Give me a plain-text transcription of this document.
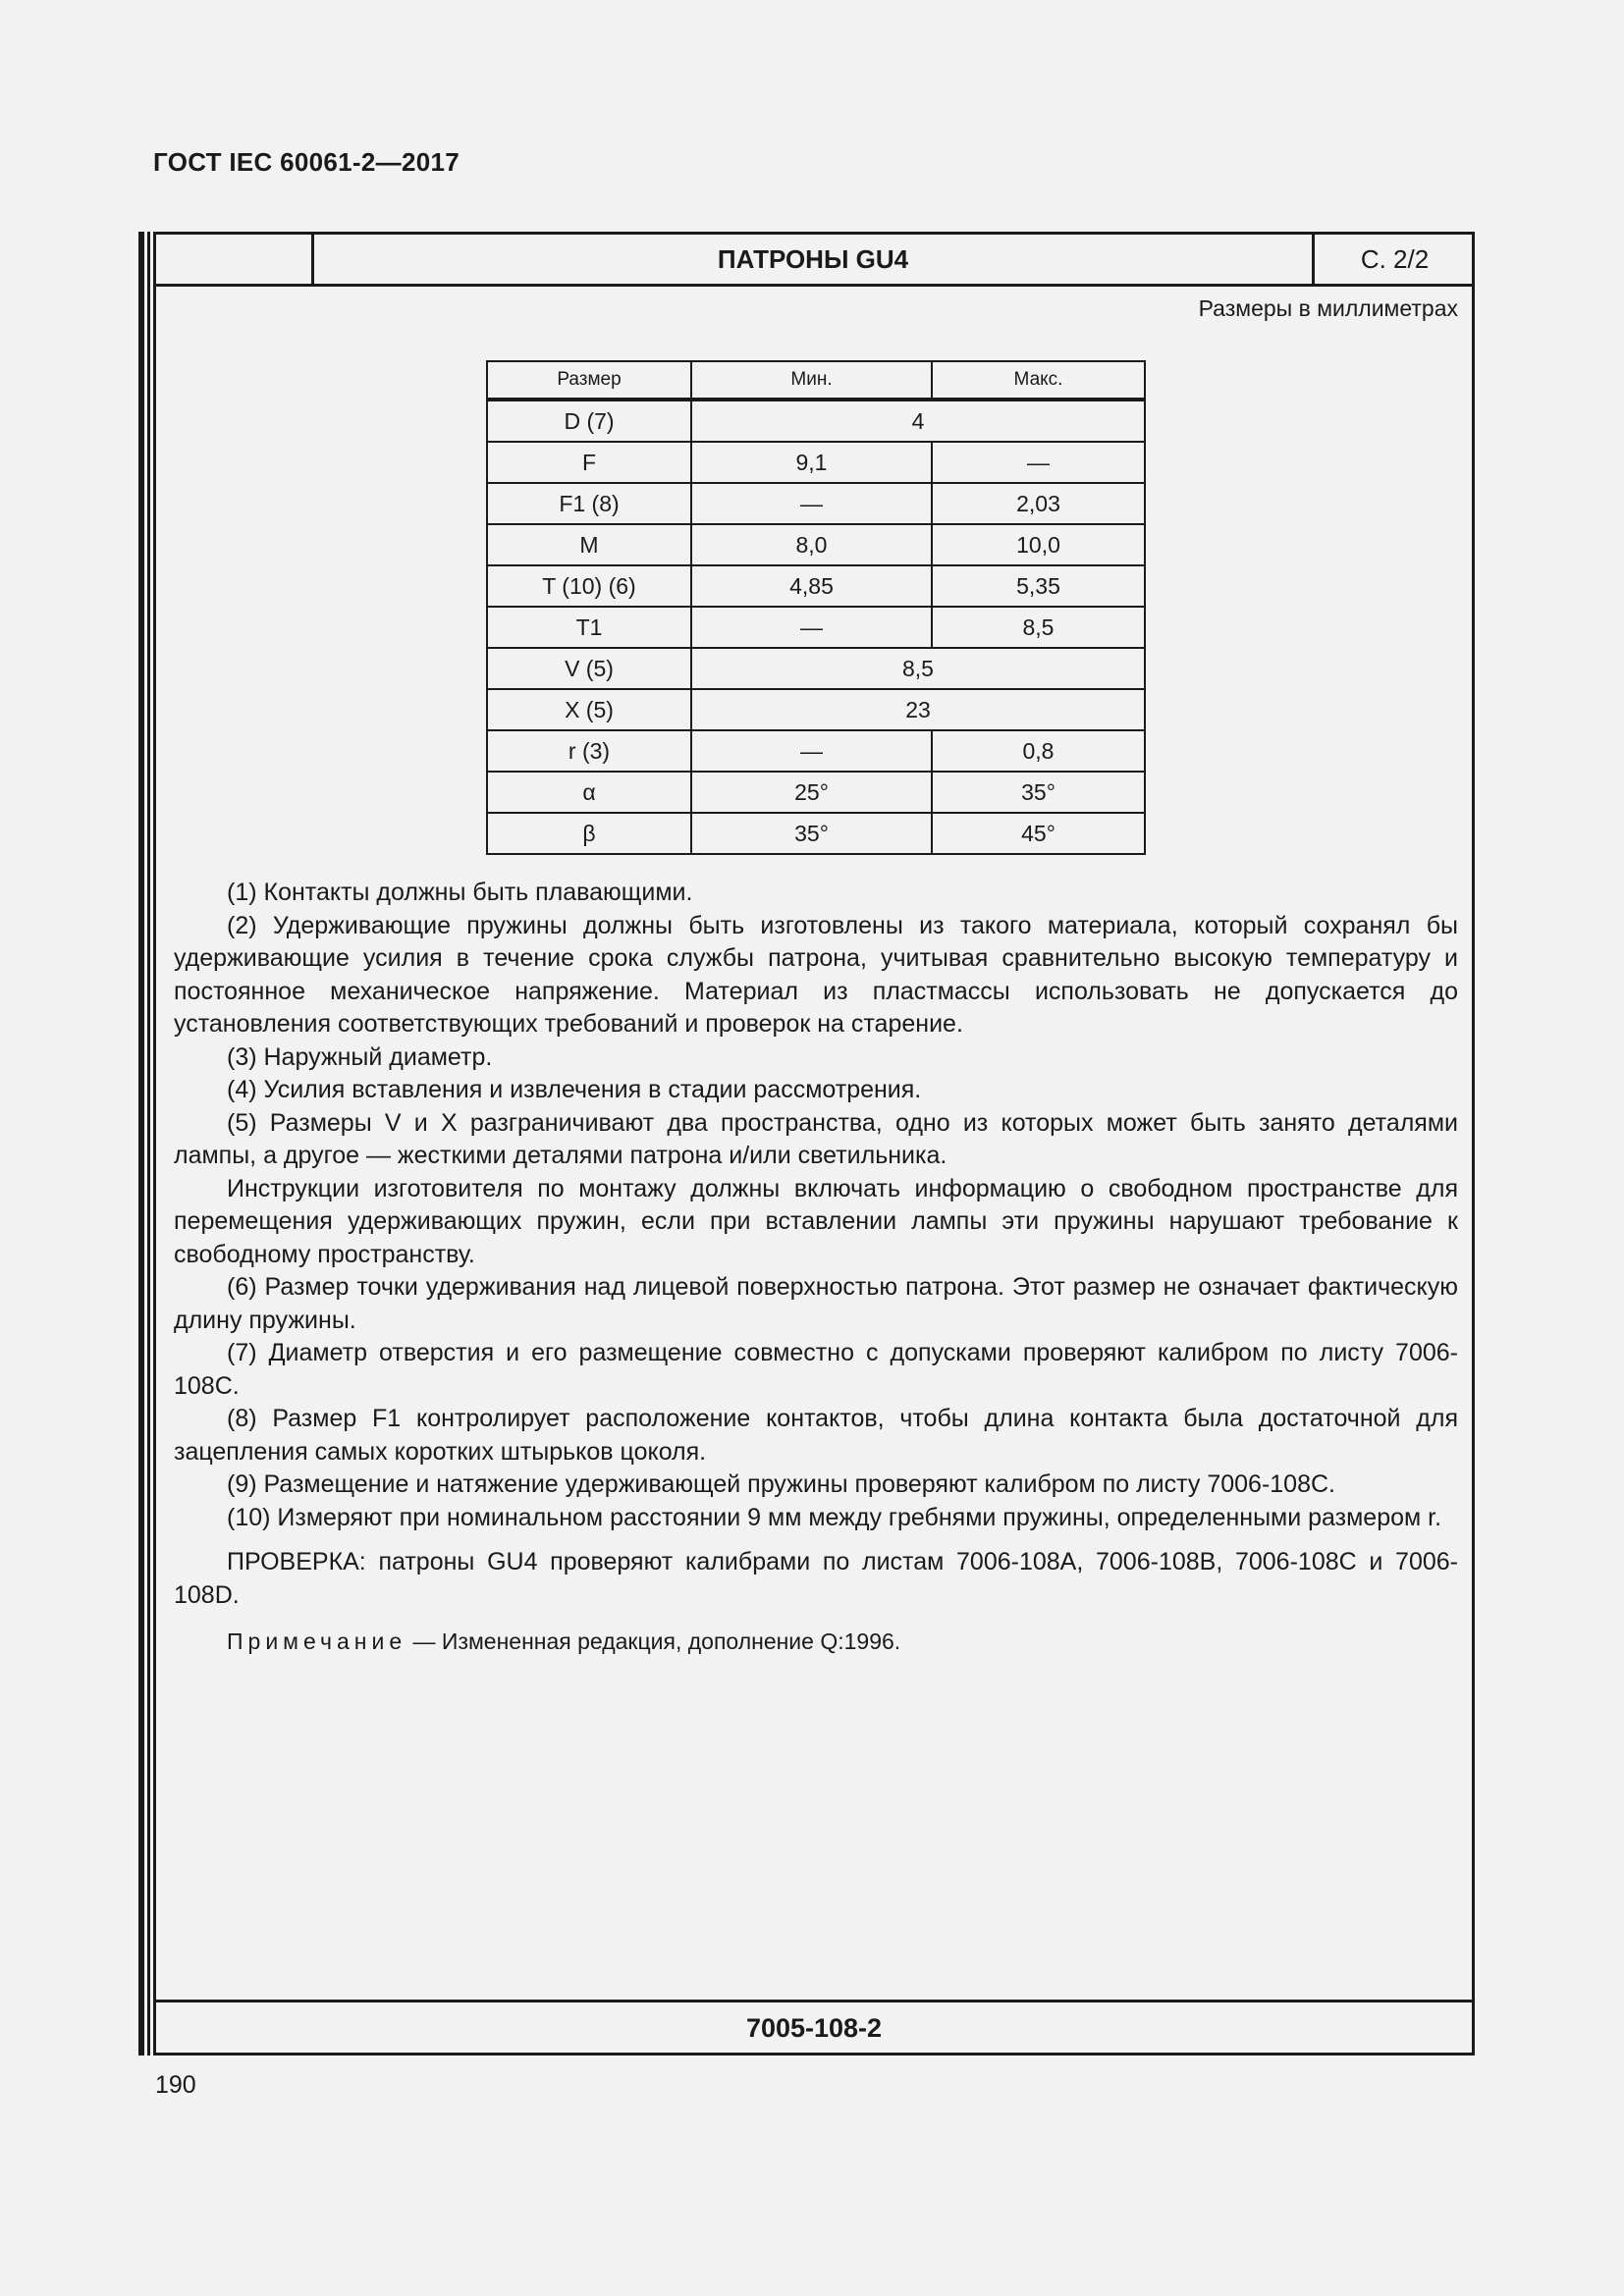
ГОСТ IEC 60061-2—2017
ПАТРОНЫ GU4	С. 2/2
Размеры в миллиметрах
Размер	Мин.	Макс.
D (7)	4	
F	9,1	—
F1 (8)	—	2,03
M	8,0	10,0
T (10) (6)	4,85	5,35
T1	—	8,5
V (5)	8,5	
X (5)	23	
r (3)	—	0,8
α	25°	35°
β	35°	45°

(1) Контакты должны быть плавающими.

(2) Удерживающие пружины должны быть изготовлены из такого материала, который сохранял бы удерживающие усилия в течение срока службы патрона, учитывая сравнительно высокую температуру и постоянное механическое напряжение. Материал из пластмассы использовать не допускается до установления соответствующих требований и проверок на старение.

(3) Наружный диаметр.

(4) Усилия вставления и извлечения в стадии рассмотрения.

(5) Размеры V и X разграничивают два пространства, одно из которых может быть занято деталями лампы, а другое — жесткими деталями патрона и/или светильника.

Инструкции изготовителя по монтажу должны включать информацию о свободном пространстве для перемещения удерживающих пружин, если при вставлении лампы эти пружины нарушают требование к свободному пространству.

(6) Размер точки удерживания над лицевой поверхностью патрона. Этот размер не означает фактическую длину пружины.

(7) Диаметр отверстия и его размещение совместно с допусками проверяют калибром по листу 7006-108С.

(8) Размер F1 контролирует расположение контактов, чтобы длина контакта была достаточной для зацепления самых коротких штырьков цоколя.

(9) Размещение и натяжение удерживающей пружины проверяют калибром по листу 7006-108С.

(10) Измеряют при номинальном расстоянии 9 мм между гребнями пружины, определенными размером r.

ПРОВЕРКА: патроны GU4 проверяют калибрами по листам 7006-108А, 7006-108В, 7006-108С и 7006-108D.

Примечание — Измененная редакция, дополнение Q:1996.
7005-108-2
190
